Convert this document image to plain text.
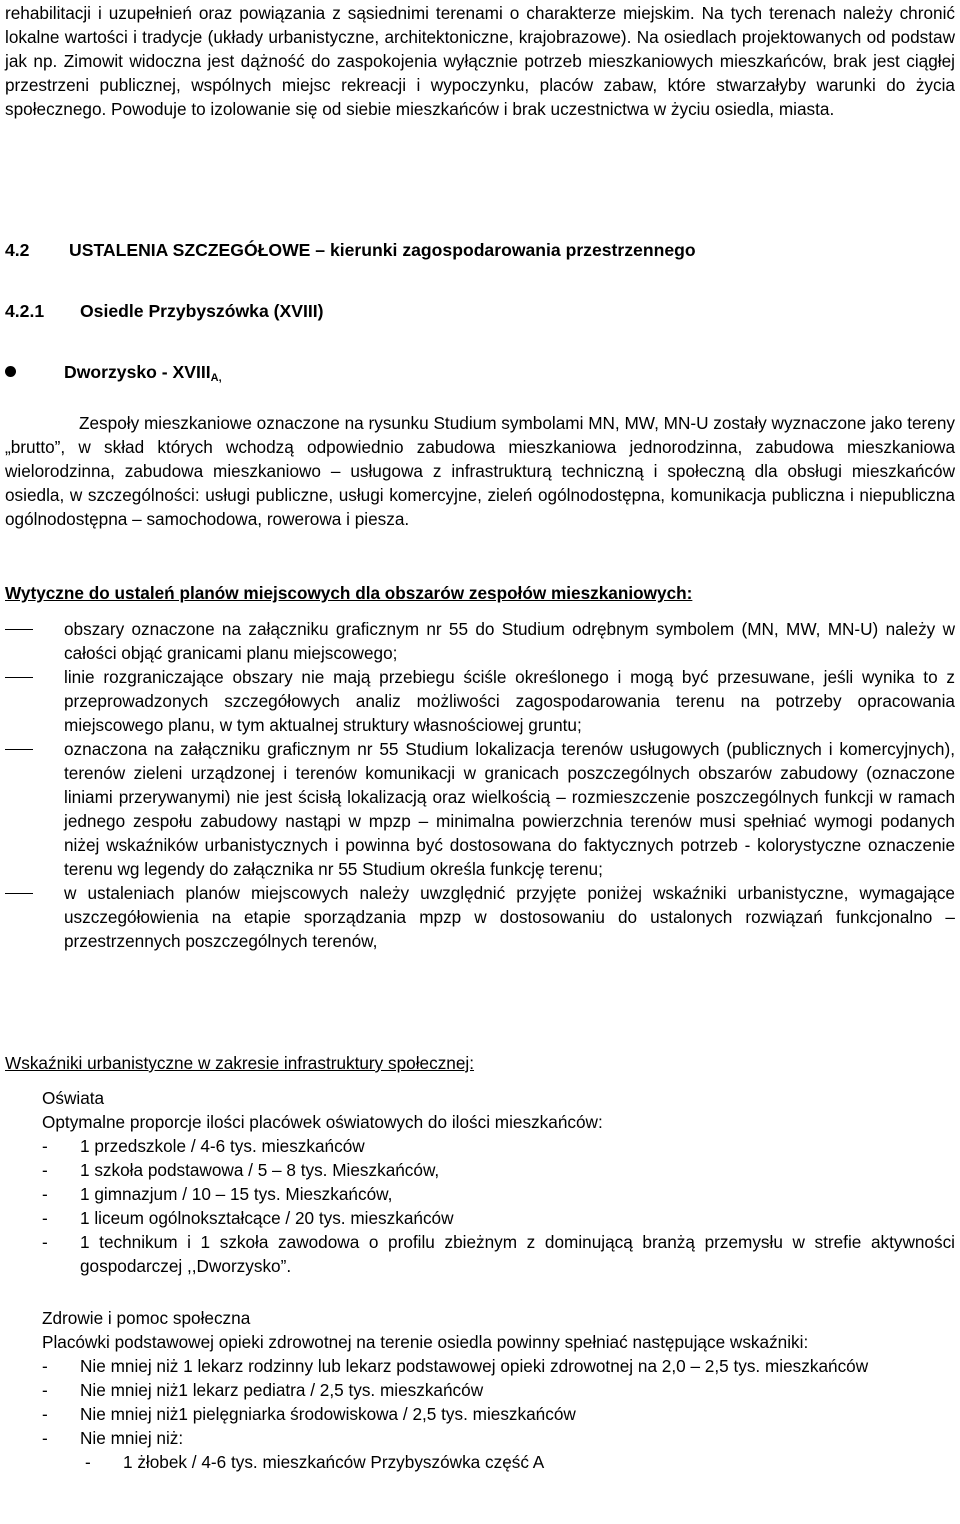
rehabilitacji i uzupełnień oraz powiązania z sąsiednimi terenami o charakterze miejskim. Na tych terenach należy chronić lokalne wartości i tradycje (układy urbanistyczne, architektoniczne, krajobrazowe). Na osiedlach projektowanych od podstaw jak np. Zimowit widoczna jest dążność do zaspokojenia wyłącznie potrzeb mieszkaniowych mieszkańców, brak jest ciągłej przestrzeni publicznej, wspólnych miejsc rekreacji i wypoczynku, placów zabaw, które stwarzałyby warunki do życia społecznego. Powoduje to izolowanie się od siebie mieszkańców i brak uczestnictwa w życiu osiedla, miasta.

4.2 USTALENIA SZCZEGÓŁOWE – kierunki zagospodarowania przestrzennego
4.2.1 Osiedle Przybyszówka (XVIII)
Dworzysko - $XVIII_{A,}$

Zespoły mieszkaniowe oznaczone na rysunku Studium symbolami MN, MW, MN-U zostały wyznaczone jako tereny „brutto”, w skład których wchodzą odpowiednio zabudowa mieszkaniowa jednorodzinna, zabudowa mieszkaniowa wielorodzinna, zabudowa mieszkaniowo – usługowa z infrastrukturą techniczną i społeczną dla obsługi mieszkańców osiedla, w szczególności: usługi publiczne, usługi komercyjne, zieleń ogólnodostępna, komunikacja publiczna i niepubliczna ogólnodostępna – samochodowa, rowerowa i piesza.

Wytyczne do ustaleń planów miejscowych dla obszarów zespołów mieszkaniowych:

obszary oznaczone na załączniku graficznym nr 55 do Studium odrębnym symbolem (MN, MW, MN-U) należy w całości objąć granicami planu miejscowego;

linie rozgraniczające obszary nie mają przebiegu ściśle określonego i mogą być przesuwane, jeśli wynika to z przeprowadzonych szczegółowych analiz możliwości zagospodarowania terenu na potrzeby opracowania miejscowego planu, w tym aktualnej struktury własnościowej gruntu;

oznaczona na załączniku graficznym nr 55 Studium lokalizacja terenów usługowych (publicznych i komercyjnych), terenów zieleni urządzonej i terenów komunikacji w granicach poszczególnych obszarów zabudowy (oznaczone liniami przerywanymi) nie jest ścisłą lokalizacją oraz wielkością – rozmieszczenie poszczególnych funkcji w ramach jednego zespołu zabudowy nastąpi w mpzp – minimalna powierzchnia terenów musi spełniać wymogi podanych niżej wskaźników urbanistycznych i powinna być dostosowana do faktycznych potrzeb - kolorystyczne oznaczenie terenu wg legendy do załącznika nr 55 Studium określa funkcję terenu;

w ustaleniach planów miejscowych należy uwzględnić przyjęte poniżej wskaźniki urbanistyczne, wymagające uszczegółowienia na etapie sporządzania mpzp w dostosowaniu do ustalonych rozwiązań funkcjonalno – przestrzennych poszczególnych terenów,

Wskaźniki urbanistyczne w zakresie infrastruktury społecznej:

Oświata

Optymalne proporcje ilości placówek oświatowych do ilości mieszkańców:

- 1 przedszkole / 4-6 tys. mieszkańców

- 1 szkoła podstawowa / 5 – 8 tys. Mieszkańców,

- 1 gimnazjum / 10 – 15 tys. Mieszkańców,

- 1 liceum ogólnokształcące / 20 tys. mieszkańców

- 1 technikum i 1 szkoła zawodowa o profilu zbieżnym z dominującą branżą przemysłu w strefie aktywności gospodarczej ,,Dworzysko”.

Zdrowie i pomoc społeczna

Placówki podstawowej opieki zdrowotnej na terenie osiedla powinny spełniać następujące wskaźniki:

- Nie mniej niż 1 lekarz rodzinny lub lekarz podstawowej opieki zdrowotnej na 2,0 – 2,5 tys. mieszkańców

- Nie mniej niż1 lekarz pediatra / 2,5 tys. mieszkańców

- Nie mniej niż1 pielęgniarka środowiskowa / 2,5 tys. mieszkańców

- Nie mniej niż:

- 1 żłobek / 4-6 tys. mieszkańców Przybyszówka część A
